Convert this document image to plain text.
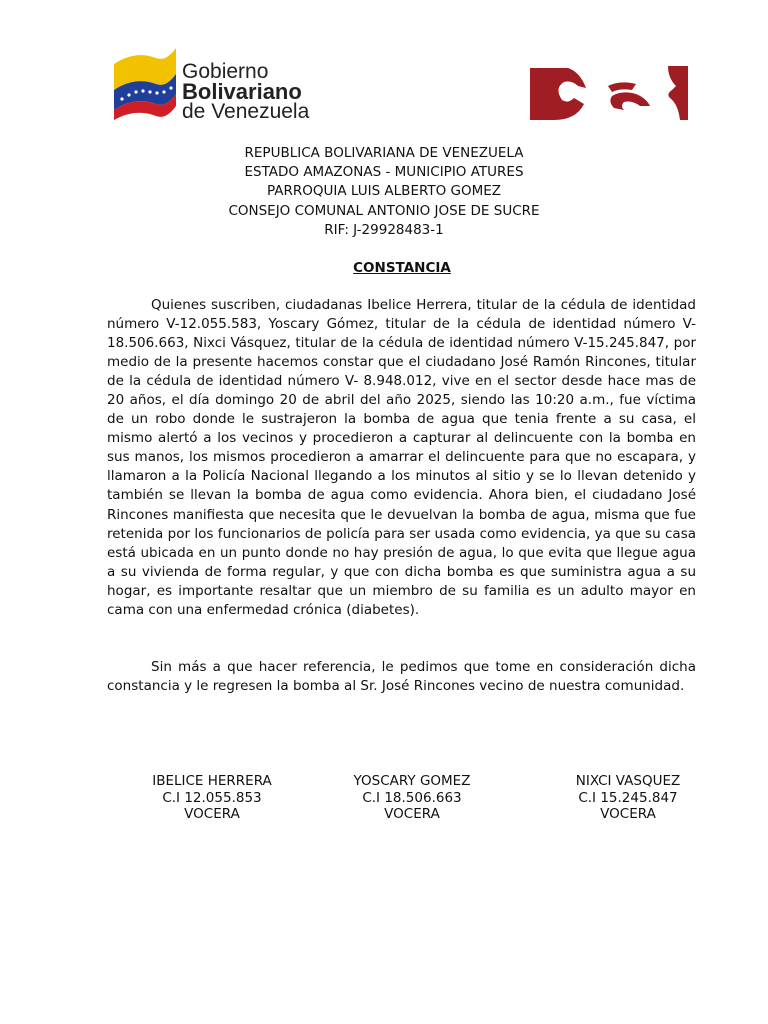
Gobierno
Bolivariano
de Venezuela
REPUBLICA BOLIVARIANA DE VENEZUELA
ESTADO AMAZONAS - MUNICIPIO ATURES
PARROQUIA LUIS ALBERTO GOMEZ
CONSEJO COMUNAL ANTONIO JOSE DE SUCRE
RIF: J-29928483-1
CONSTANCIA

Quienes suscriben, ciudadanas Ibelice Herrera, titular de la cédula de identidad número V-12.055.583, Yoscary Gómez, titular de la cédula de identidad número V-18.506.663, Nixci Vásquez, titular de la cédula de identidad número V-15.245.847, por medio de la presente hacemos constar que el ciudadano José Ramón Rincones, titular de la cédula de identidad número V- 8.948.012, vive en el sector desde hace mas de 20 años, el día domingo 20 de abril del año 2025, siendo las 10:20 a.m., fue víctima de un robo donde le sustrajeron la bomba de agua que tenia frente a su casa, el mismo alertó a los vecinos y procedieron a capturar al delincuente con la bomba en sus manos, los mismos procedieron a amarrar el delincuente para que no escapara, y llamaron a la Policía Nacional llegando a los minutos al sitio y se lo llevan detenido y también se llevan la bomba de agua como evidencia. Ahora bien, el ciudadano José Rincones manifiesta que necesita que le devuelvan la bomba de agua, misma que fue retenida por los funcionarios de policía para ser usada como evidencia, ya que su casa está ubicada en un punto donde no hay presión de agua, lo que evita que llegue agua a su vivienda de forma regular, y que con dicha bomba es que suministra agua a su hogar, es importante resaltar que un miembro de su familia es un adulto mayor en cama con una enfermedad crónica (diabetes).

Sin más a que hacer referencia, le pedimos que tome en consideración dicha constancia y le regresen la bomba al Sr. José Rincones vecino de nuestra comunidad.

IBELICE HERRERA
C.I 12.055.853
VOCERA
YOSCARY GOMEZ
C.I 18.506.663
VOCERA
NIXCI VASQUEZ
C.I 15.245.847
VOCERA
